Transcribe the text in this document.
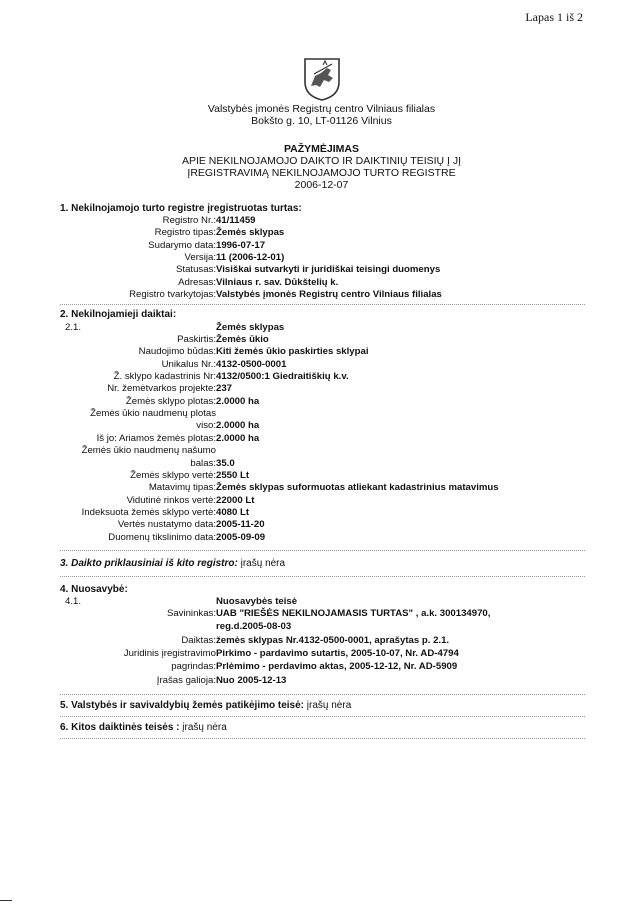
Lapas 1 iš 2
Valstybės įmonės Registrų centro Vilniaus filialas
Bokšto g. 10, LT-01126 Vilnius
PAŽYMĖJIMAS
APIE NEKILNOJAMOJO DAIKTO IR DAIKTINIŲ TEISIŲ Į JĮ
ĮREGISTRAVIMĄ NEKILNOJAMOJO TURTO REGISTRE
2006-12-07
1. Nekilnojamojo turto registre įregistruotas turtas:
Registro Nr.: 41/11459
Registro tipas: Žemės sklypas
Sudarymo data: 1996-07-17
Versija: 11 (2006-12-01)
Statusas: Visiškai sutvarkyti ir juridiškai teisingi duomenys
Adresas: Vilniaus r. sav. Dūkštelių k.
Registro tvarkytojas: Valstybės įmonės Registrų centro Vilniaus filialas
2. Nekilnojamieji daiktai:
2.1.	Žemės sklypas
Paskirtis: Žemės ūkio
Naudojimo būdas: Kiti žemės ūkio paskirties sklypai
Unikalus Nr.: 4132-0500-0001
Ž. sklypo kadastrinis Nr: 4132/0500:1 Giedraitiškių k.v.
Nr. žemėtvarkos projekte: 237
Žemės sklypo plotas: 2.0000 ha
Žemės ūkio naudmenų plotas
viso: 2.0000 ha
Iš jo: Ariamos žemės plotas: 2.0000 ha
Žemės ūkio naudmenų našumo
balas: 35.0
Žemės sklypo vertė: 2550 Lt
Matavimų tipas: Žemės sklypas suformuotas atliekant kadastrinius matavimus
Vidutinė rinkos vertė: 22000 Lt
Indeksuota žemės sklypo vertė: 4080 Lt
Vertės nustatymo data: 2005-11-20
Duomenų tikslinimo data: 2005-09-09
3. Daikto priklausiniai iš kito registro: įrašų nėra
4. Nuosavybė:
4.1.	Nuosavybės teisė
Savininkas: UAB "RIEŠĖS NEKILNOJAMASIS TURTAS" , a.k. 300134970,
reg.d.2005-08-03
Daiktas: žemės sklypas Nr.4132-0500-0001, aprašytas p. 2.1.
Juridinis įregistravimo Pirkimo - pardavimo sutartis, 2005-10-07, Nr. AD-4794
pagrindas: Prlėmimo - perdavimo aktas, 2005-12-12, Nr. AD-5909
Įrašas galioja: Nuo 2005-12-13
5. Valstybės ir savivaldybių žemės patikėjimo teisė: įrašų nėra
6. Kitos daiktinės teisės : įrašų nėra
